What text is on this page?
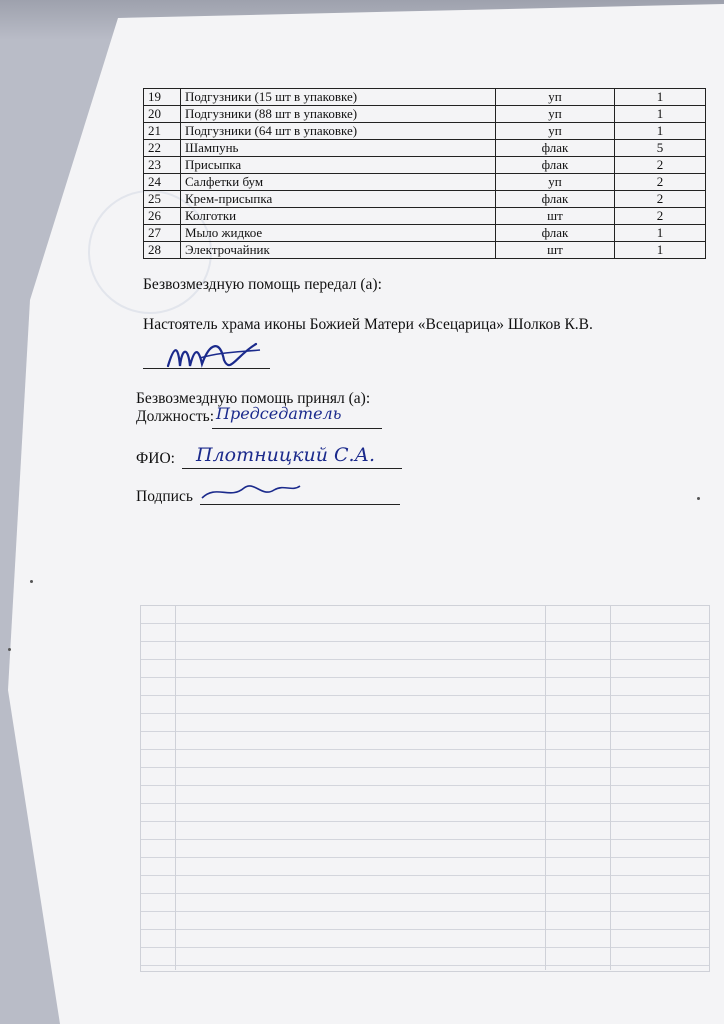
19	Подгузники (15 шт в упаковке)	уп	1
20	Подгузники (88 шт в упаковке)	уп	1
21	Подгузники (64 шт в упаковке)	уп	1
22	Шампунь	флак	5
23	Присыпка	флак	2
24	Салфетки бум	уп	2
25	Крем-присыпка	флак	2
26	Колготки	шт	2
27	Мыло жидкое	флак	1
28	Электрочайник	шт	1
Безвозмездную помощь передал (а):
Настоятель храма иконы Божией Матери «Всецарица» Шолков К.В.
Безвозмездную помощь принял (а):
Должность: Председатель
ФИО: Плотницкий С.А.
Подпись
